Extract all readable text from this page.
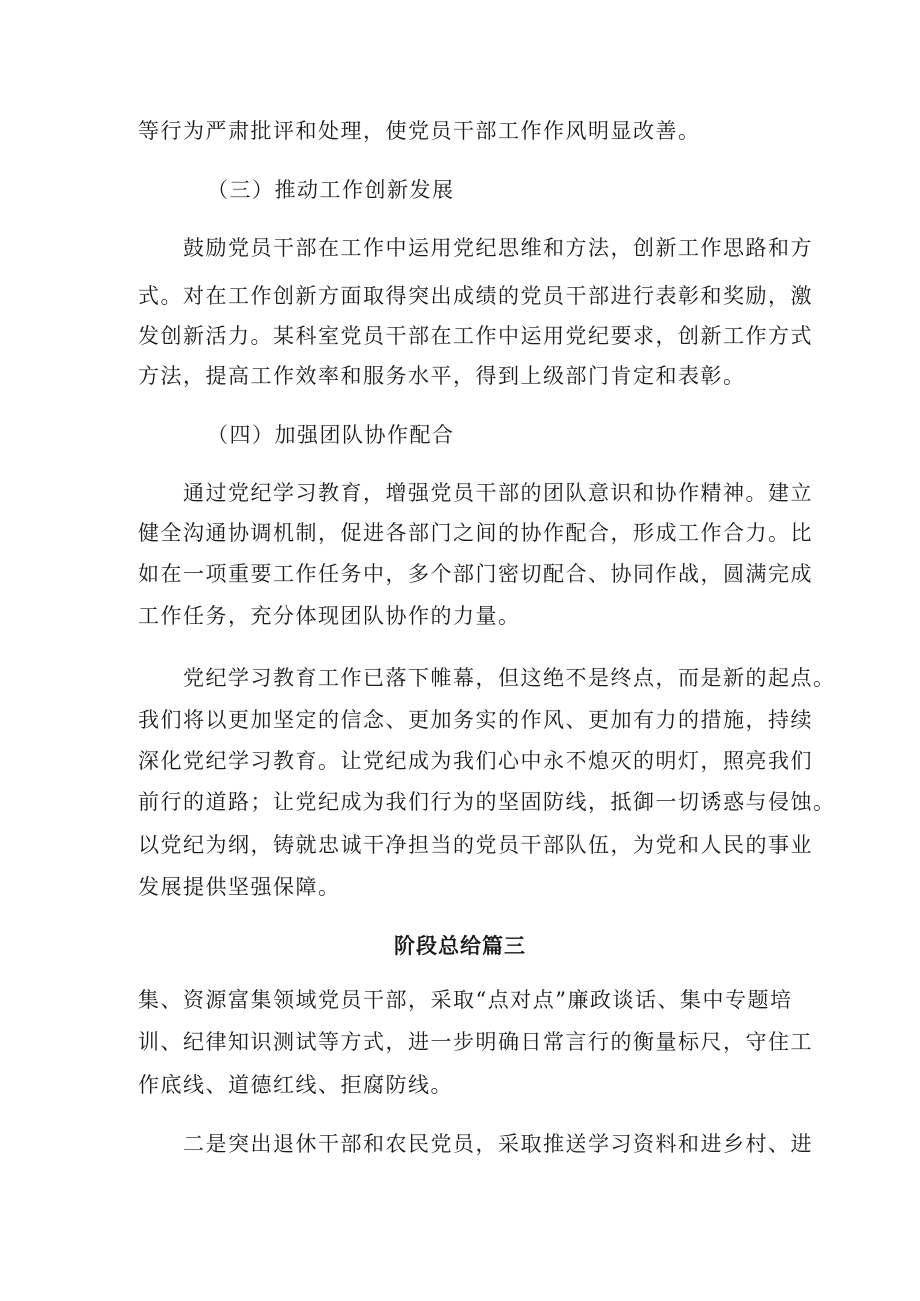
等行为严肃批评和处理，使党员干部工作作风明显改善。
（三）推动工作创新发展
鼓励党员干部在工作中运用党纪思维和方法，创新工作思路和方
式。对在工作创新方面取得突出成绩的党员干部进行表彰和奖励，激
发创新活力。某科室党员干部在工作中运用党纪要求，创新工作方式
方法，提高工作效率和服务水平，得到上级部门肯定和表彰。
（四）加强团队协作配合
通过党纪学习教育，增强党员干部的团队意识和协作精神。建立
健全沟通协调机制，促进各部门之间的协作配合，形成工作合力。比
如在一项重要工作任务中，多个部门密切配合、协同作战，圆满完成
工作任务，充分体现团队协作的力量。
党纪学习教育工作已落下帷幕，但这绝不是终点，而是新的起点。
我们将以更加坚定的信念、更加务实的作风、更加有力的措施，持续
深化党纪学习教育。让党纪成为我们心中永不熄灭的明灯，照亮我们
前行的道路；让党纪成为我们行为的坚固防线，抵御一切诱惑与侵蚀。
以党纪为纲，铸就忠诚干净担当的党员干部队伍，为党和人民的事业
发展提供坚强保障。
阶段总给篇三
集、资源富集领域党员干部，采取“点对点”廉政谈话、集中专题培
训、纪律知识测试等方式，进一步明确日常言行的衡量标尺，守住工
作底线、道德红线、拒腐防线。
二是突出退休干部和农民党员，采取推送学习资料和进乡村、进
